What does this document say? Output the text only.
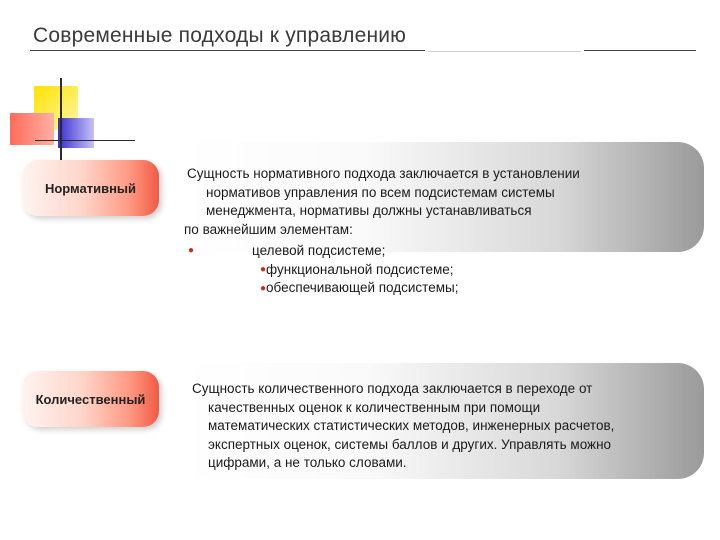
Современные подходы к управлению
Нормативный
Сущность нормативного подхода заключается в установлении
нормативов управления по всем подсистемам системы
менеджмента, нормативы должны устанавливаться
по важнейшим элементам:
●	целевой подсистеме;
●функциональной подсистеме;
●обеспечивающей подсистемы;
Количественный
Сущность количественного подхода заключается в переходе от
качественных оценок к количественным при помощи
математических статистических методов, инженерных расчетов,
экспертных оценок, системы баллов и других. Управлять можно
цифрами, а не только словами.
